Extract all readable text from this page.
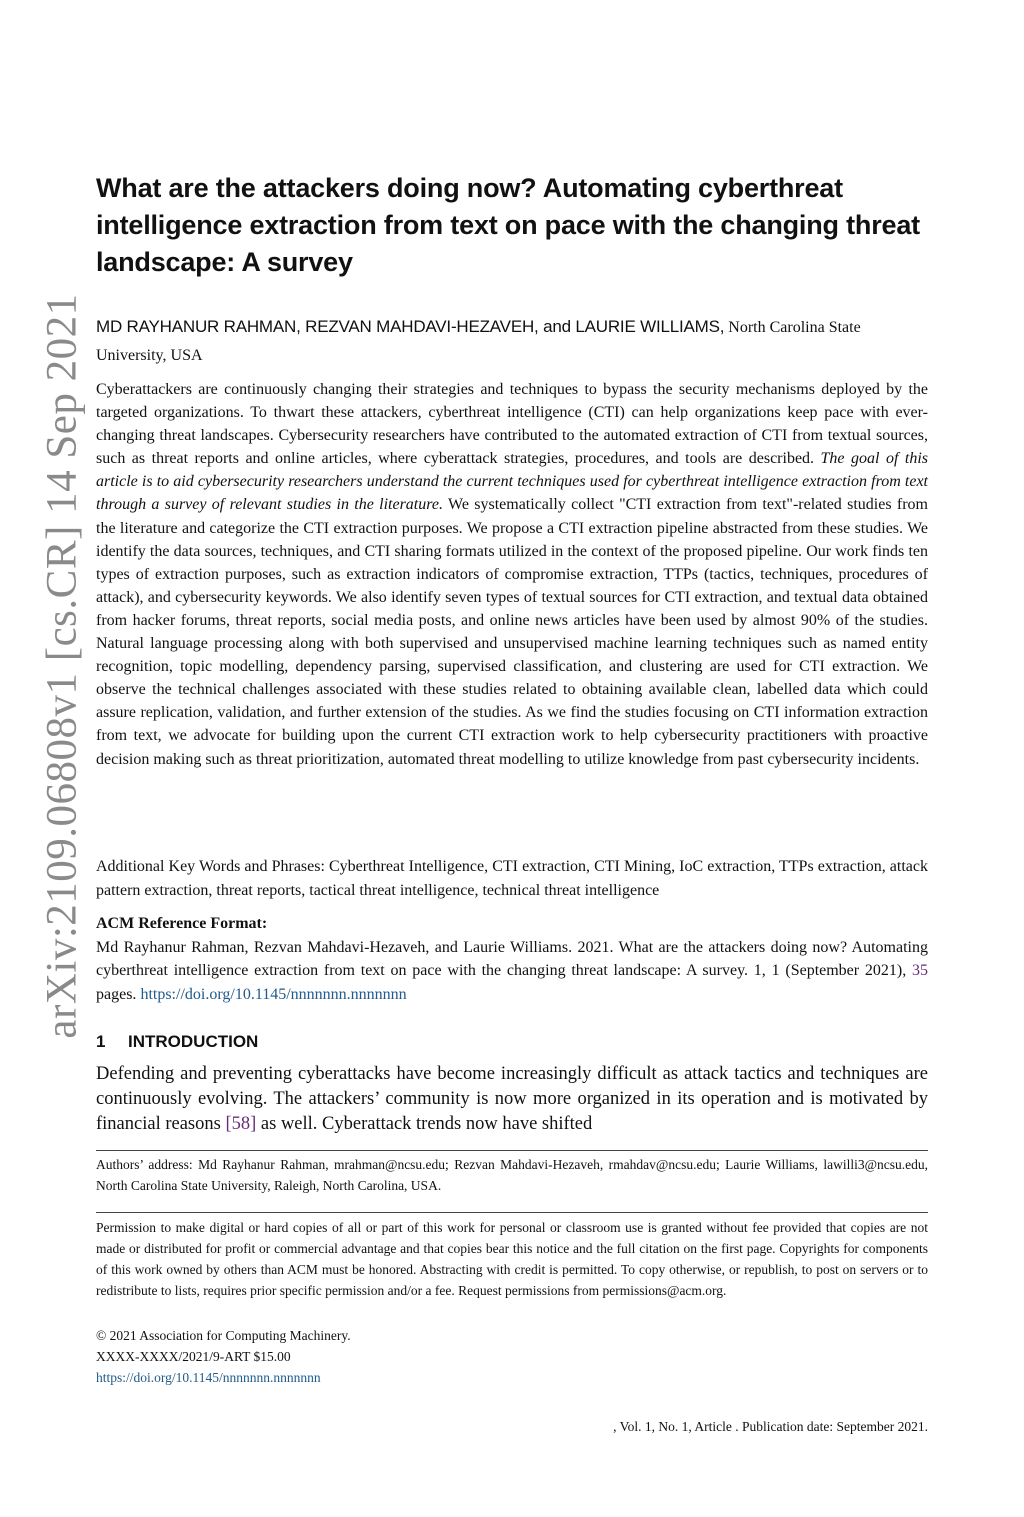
arXiv:2109.06808v1 [cs.CR] 14 Sep 2021
What are the attackers doing now? Automating cyberthreat intelligence extraction from text on pace with the changing threat landscape: A survey
MD RAYHANUR RAHMAN, REZVAN MAHDAVI-HEZAVEH, and LAURIE WILLIAMS, North Carolina State University, USA
Cyberattackers are continuously changing their strategies and techniques to bypass the security mechanisms deployed by the targeted organizations. To thwart these attackers, cyberthreat intelligence (CTI) can help organizations keep pace with ever-changing threat landscapes. Cybersecurity researchers have contributed to the automated extraction of CTI from textual sources, such as threat reports and online articles, where cyberattack strategies, procedures, and tools are described. The goal of this article is to aid cybersecurity researchers understand the current techniques used for cyberthreat intelligence extraction from text through a survey of relevant studies in the literature. We systematically collect "CTI extraction from text"-related studies from the literature and categorize the CTI extraction purposes. We propose a CTI extraction pipeline abstracted from these studies. We identify the data sources, techniques, and CTI sharing formats utilized in the context of the proposed pipeline. Our work finds ten types of extraction purposes, such as extraction indicators of compromise extraction, TTPs (tactics, techniques, procedures of attack), and cybersecurity keywords. We also identify seven types of textual sources for CTI extraction, and textual data obtained from hacker forums, threat reports, social media posts, and online news articles have been used by almost 90% of the studies. Natural language processing along with both supervised and unsupervised machine learning techniques such as named entity recognition, topic modelling, dependency parsing, supervised classification, and clustering are used for CTI extraction. We observe the technical challenges associated with these studies related to obtaining available clean, labelled data which could assure replication, validation, and further extension of the studies. As we find the studies focusing on CTI information extraction from text, we advocate for building upon the current CTI extraction work to help cybersecurity practitioners with proactive decision making such as threat prioritization, automated threat modelling to utilize knowledge from past cybersecurity incidents.
Additional Key Words and Phrases: Cyberthreat Intelligence, CTI extraction, CTI Mining, IoC extraction, TTPs extraction, attack pattern extraction, threat reports, tactical threat intelligence, technical threat intelligence
ACM Reference Format:
Md Rayhanur Rahman, Rezvan Mahdavi-Hezaveh, and Laurie Williams. 2021. What are the attackers doing now? Automating cyberthreat intelligence extraction from text on pace with the changing threat landscape: A survey. 1, 1 (September 2021), 35 pages. https://doi.org/10.1145/nnnnnnn.nnnnnnn
1 INTRODUCTION
Defending and preventing cyberattacks have become increasingly difficult as attack tactics and techniques are continuously evolving. The attackers’ community is now more organized in its operation and is motivated by financial reasons [58] as well. Cyberattack trends now have shifted
Authors’ address: Md Rayhanur Rahman, mrahman@ncsu.edu; Rezvan Mahdavi-Hezaveh, rmahdav@ncsu.edu; Laurie Williams, lawilli3@ncsu.edu, North Carolina State University, Raleigh, North Carolina, USA.
Permission to make digital or hard copies of all or part of this work for personal or classroom use is granted without fee provided that copies are not made or distributed for profit or commercial advantage and that copies bear this notice and the full citation on the first page. Copyrights for components of this work owned by others than ACM must be honored. Abstracting with credit is permitted. To copy otherwise, or republish, to post on servers or to redistribute to lists, requires prior specific permission and/or a fee. Request permissions from permissions@acm.org.
© 2021 Association for Computing Machinery.
XXXX-XXXX/2021/9-ART $15.00
https://doi.org/10.1145/nnnnnnn.nnnnnnn
, Vol. 1, No. 1, Article . Publication date: September 2021.
